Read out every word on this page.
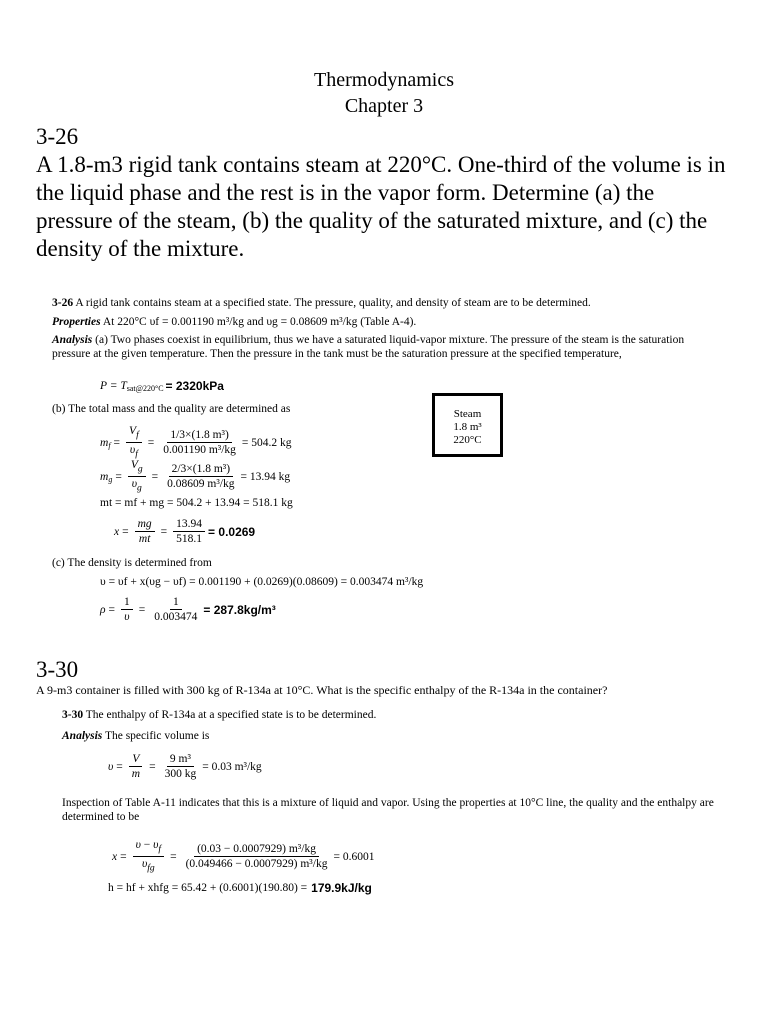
Thermodynamics
Chapter 3
3-26
A 1.8-m3 rigid tank contains steam at 220°C. One-third of the volume is in the liquid phase and the rest is in the vapor form. Determine (a) the pressure of the steam, (b) the quality of the saturated mixture, and (c) the density of the mixture.
3-26 A rigid tank contains steam at a specified state. The pressure, quality, and density of steam are to be determined.
Properties At 220°C υf = 0.001190 m³/kg and υg = 0.08609 m³/kg (Table A-4).
Analysis (a) Two phases coexist in equilibrium, thus we have a saturated liquid-vapor mixture. The pressure of the steam is the saturation pressure at the given temperature. Then the pressure in the tank must be the saturation pressure at the specified temperature,
P = T sat@220°C = 2320kPa
(b) The total mass and the quality are determined as
m $f = \frac{V_f}{\upsilon_f} = \frac{\text{1/3×(1.8 m³)}}{\text{0.001190 m³/kg}} = 504.2$ kg
m $g = \frac{V_g}{\upsilon_g} = \frac{\text{2/3×(1.8 m³)}}{\text{0.08609 m³/kg}} = 13.94$ kg
mt = mf + mg = 504.2 + 13.94 = 518.1 kg
$x = \frac{mg}{mt} = \frac{13.94}{518.1} = 0.0269$
(c) The density is determined from
υ = υf + x(υg − υf) = 0.001190 + (0.0269)(0.08609) = 0.003474 m³/kg
$\rho = \frac{1}{\upsilon} = \frac{1}{0.003474} = 287.8kg/m^3$
Steam
1.8 m³
220°C
3-30
A 9-m3 container is filled with 300 kg of R-134a at 10°C. What is the specific enthalpy of the R-134a in the container?
3-30 The enthalpy of R-134a at a specified state is to be determined.
Analysis The specific volume is
$\upsilon = \frac{V}{m} = \frac{\text{9 m³}}{300 kg} = 0.03$ m³/kg
Inspection of Table A-11 indicates that this is a mixture of liquid and vapor. Using the properties at 10°C line, the quality and the enthalpy are determined to be
$x = \frac{\upsilon - \upsilon_f}{\upsilon_{fg}} = \frac{\text{(0.03 − 0.0007929) m³/kg}}{\text{(0.049466 − 0.0007929) m³/kg}} = 0.6001$
h = hf + xhfg = 65.42 + (0.6001)(190.80) = 179.9kJ/kg
